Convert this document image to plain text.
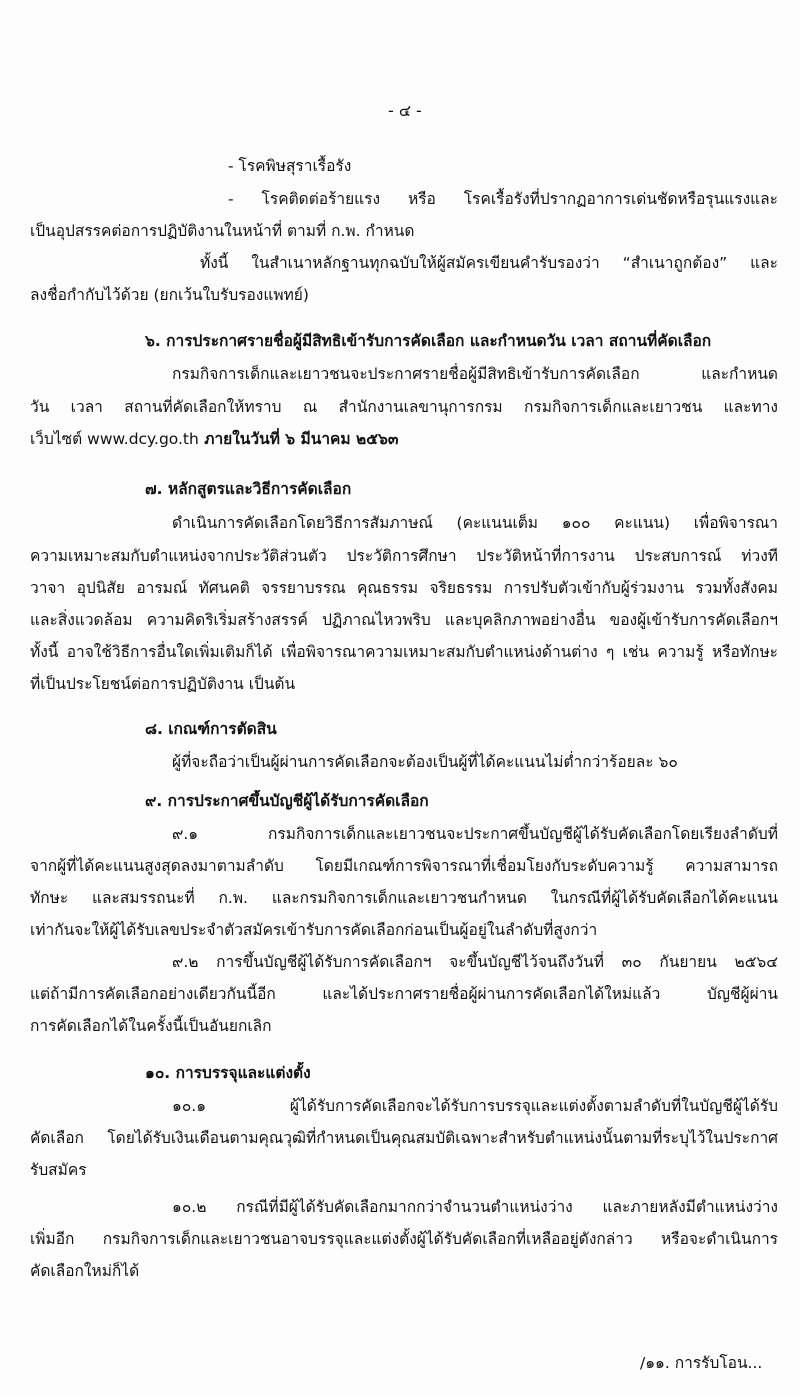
- ๔ -
- โรคพิษสุราเรื้อรัง
- โรคติดต่อร้ายแรง หรือ โรคเรื้อรังที่ปรากฏอาการเด่นชัดหรือรุนแรงและ
เป็นอุปสรรคต่อการปฏิบัติงานในหน้าที่ ตามที่ ก.พ. กำหนด
ทั้งนี้ ในสำเนาหลักฐานทุกฉบับให้ผู้สมัครเขียนคำรับรองว่า “สำเนาถูกต้อง” และ
ลงชื่อกำกับไว้ด้วย (ยกเว้นใบรับรองแพทย์)
๖. การประกาศรายชื่อผู้มีสิทธิเข้ารับการคัดเลือก และกำหนดวัน เวลา สถานที่คัดเลือก
กรมกิจการเด็กและเยาวชนจะประกาศรายชื่อผู้มีสิทธิเข้ารับการคัดเลือก และกำหนด
วัน เวลา สถานที่คัดเลือกให้ทราบ ณ สำนักงานเลขานุการกรม กรมกิจการเด็กและเยาวชน และทาง
เว็บไซต์ www.dcy.go.th ภายในวันที่ ๖ มีนาคม ๒๕๖๓
๗. หลักสูตรและวิธีการคัดเลือก
ดำเนินการคัดเลือกโดยวิธีการสัมภาษณ์ (คะแนนเต็ม ๑๐๐ คะแนน) เพื่อพิจารณา
ความเหมาะสมกับตำแหน่งจากประวัติส่วนตัว ประวัติการศึกษา ประวัติหน้าที่การงาน ประสบการณ์ ท่วงที
วาจา อุปนิสัย อารมณ์ ทัศนคติ จรรยาบรรณ คุณธรรม จริยธรรม การปรับตัวเข้ากับผู้ร่วมงาน รวมทั้งสังคม
และสิ่งแวดล้อม ความคิดริเริ่มสร้างสรรค์ ปฏิภาณไหวพริบ และบุคลิกภาพอย่างอื่น ของผู้เข้ารับการคัดเลือกฯ
ทั้งนี้ อาจใช้วิธีการอื่นใดเพิ่มเติมก็ได้ เพื่อพิจารณาความเหมาะสมกับตำแหน่งด้านต่าง ๆ เช่น ความรู้ หรือทักษะ
ที่เป็นประโยชน์ต่อการปฏิบัติงาน เป็นต้น
๘. เกณฑ์การตัดสิน
ผู้ที่จะถือว่าเป็นผู้ผ่านการคัดเลือกจะต้องเป็นผู้ที่ได้คะแนนไม่ต่ำกว่าร้อยละ ๖๐
๙. การประกาศขึ้นบัญชีผู้ได้รับการคัดเลือก
๙.๑ กรมกิจการเด็กและเยาวชนจะประกาศขึ้นบัญชีผู้ได้รับคัดเลือกโดยเรียงลำดับที่
จากผู้ที่ได้คะแนนสูงสุดลงมาตามลำดับ โดยมีเกณฑ์การพิจารณาที่เชื่อมโยงกับระดับความรู้ ความสามารถ
ทักษะ และสมรรถนะที่ ก.พ. และกรมกิจการเด็กและเยาวชนกำหนด ในกรณีที่ผู้ได้รับคัดเลือกได้คะแนน
เท่ากันจะให้ผู้ได้รับเลขประจำตัวสมัครเข้ารับการคัดเลือกก่อนเป็นผู้อยู่ในลำดับที่สูงกว่า
๙.๒ การขึ้นบัญชีผู้ได้รับการคัดเลือกฯ จะขึ้นบัญชีไว้จนถึงวันที่ ๓๐ กันยายน ๒๕๖๔
แต่ถ้ามีการคัดเลือกอย่างเดียวกันนี้อีก และได้ประกาศรายชื่อผู้ผ่านการคัดเลือกได้ใหม่แล้ว บัญชีผู้ผ่าน
การคัดเลือกได้ในครั้งนี้เป็นอันยกเลิก
๑๐. การบรรจุและแต่งตั้ง
๑๐.๑ ผู้ได้รับการคัดเลือกจะได้รับการบรรจุและแต่งตั้งตามลำดับที่ในบัญชีผู้ได้รับ
คัดเลือก โดยได้รับเงินเดือนตามคุณวุฒิที่กำหนดเป็นคุณสมบัติเฉพาะสำหรับตำแหน่งนั้นตามที่ระบุไว้ในประกาศ
รับสมัคร
๑๐.๒ กรณีที่มีผู้ได้รับคัดเลือกมากกว่าจำนวนตำแหน่งว่าง และภายหลังมีตำแหน่งว่าง
เพิ่มอีก กรมกิจการเด็กและเยาวชนอาจบรรจุและแต่งตั้งผู้ได้รับคัดเลือกที่เหลืออยู่ดังกล่าว หรือจะดำเนินการ
คัดเลือกใหม่ก็ได้
/๑๑. การรับโอน...
